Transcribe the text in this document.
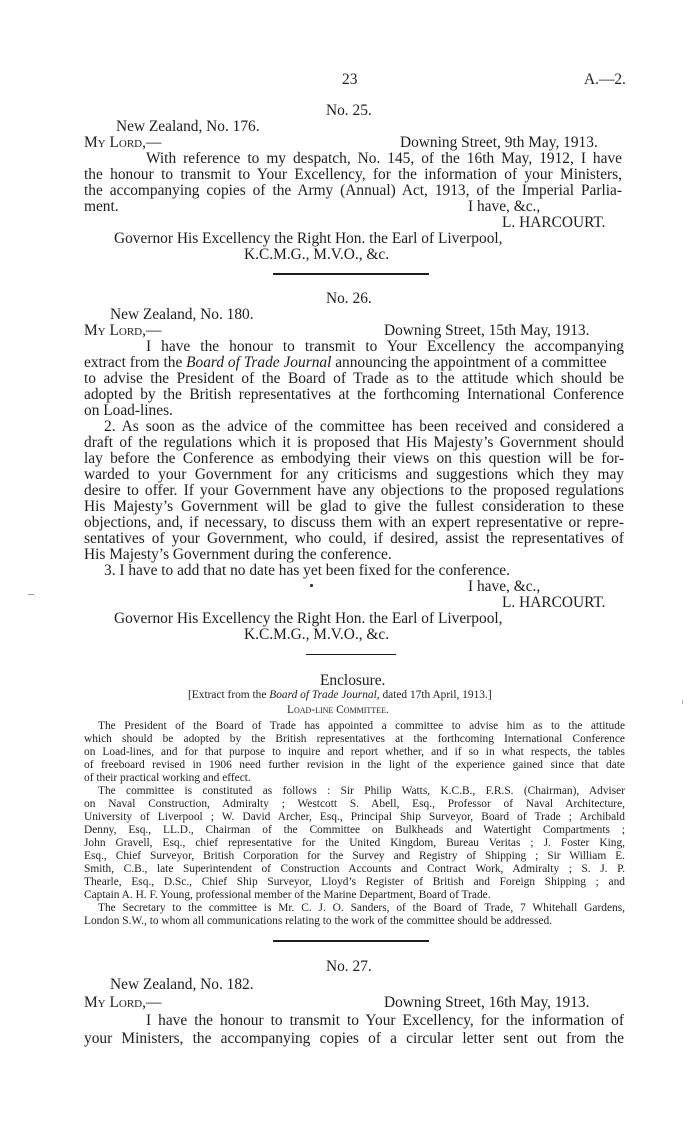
23	A.—2.
No. 25.
New Zealand, No. 176.
My Lord,—	Downing Street, 9th May, 1913.
With reference to my despatch, No. 145, of the 16th May, 1912, I have
the honour to transmit to Your Excellency, for the information of your Ministers,
the accompanying copies of the Army (Annual) Act, 1913, of the Imperial Parlia-
ment.	I have, &c.,
L. HARCOURT.
Governor His Excellency the Right Hon. the Earl of Liverpool,
K.C.M.G., M.V.O., &c.
No. 26.
New Zealand, No. 180.
My Lord,—	Downing Street, 15th May, 1913.
I have the honour to transmit to Your Excellency the accompanying
extract from the Board of Trade Journal announcing the appointment of a committee
to advise the President of the Board of Trade as to the attitude which should be
adopted by the British representatives at the forthcoming International Conference
on Load-lines.
2. As soon as the advice of the committee has been received and considered a
draft of the regulations which it is proposed that His Majesty’s Government should
lay before the Conference as embodying their views on this question will be for-
warded to your Government for any criticisms and suggestions which they may
desire to offer. If your Government have any objections to the proposed regulations
His Majesty’s Government will be glad to give the fullest consideration to these
objections, and, if necessary, to discuss them with an expert representative or repre-
sentatives of your Government, who could, if desired, assist the representatives of
His Majesty’s Government during the conference.
3. I have to add that no date has yet been fixed for the conference.
I have, &c.,
L. HARCOURT.
Governor His Excellency the Right Hon. the Earl of Liverpool,
K.C.M.G., M.V.O., &c.
Enclosure.
[Extract from the Board of Trade Journal, dated 17th April, 1913.]
Load-line Committee.
The President of the Board of Trade has appointed a committee to advise him as to the attitude
which should be adopted by the British representatives at the forthcoming International Conference
on Load-lines, and for that purpose to inquire and report whether, and if so in what respects, the tables
of freeboard revised in 1906 need further revision in the light of the experience gained since that date
of their practical working and effect.
The committee is constituted as follows : Sir Philip Watts, K.C.B., F.R.S. (Chairman), Adviser
on Naval Construction, Admiralty ; Westcott S. Abell, Esq., Professor of Naval Architecture,
University of Liverpool ; W. David Archer, Esq., Principal Ship Surveyor, Board of Trade ; Archibald
Denny, Esq., LL.D., Chairman of the Committee on Bulkheads and Watertight Compartments ;
John Gravell, Esq., chief representative for the United Kingdom, Bureau Veritas ; J. Foster King,
Esq., Chief Surveyor, British Corporation for the Survey and Registry of Shipping ; Sir William E.
Smith, C.B., late Superintendent of Construction Accounts and Contract Work, Admiralty ; S. J. P.
Thearle, Esq., D.Sc., Chief Ship Surveyor, Lloyd’s Register of British and Foreign Shipping ; and
Captain A. H. F. Young, professional member of the Marine Department, Board of Trade.
The Secretary to the committee is Mr. C. J. O. Sanders, of the Board of Trade, 7 Whitehall Gardens,
London S.W., to whom all communications relating to the work of the committee should be addressed.
No. 27.
New Zealand, No. 182.
My Lord,—	Downing Street, 16th May, 1913.
I have the honour to transmit to Your Excellency, for the information of
your Ministers, the accompanying copies of a circular letter sent out from the
